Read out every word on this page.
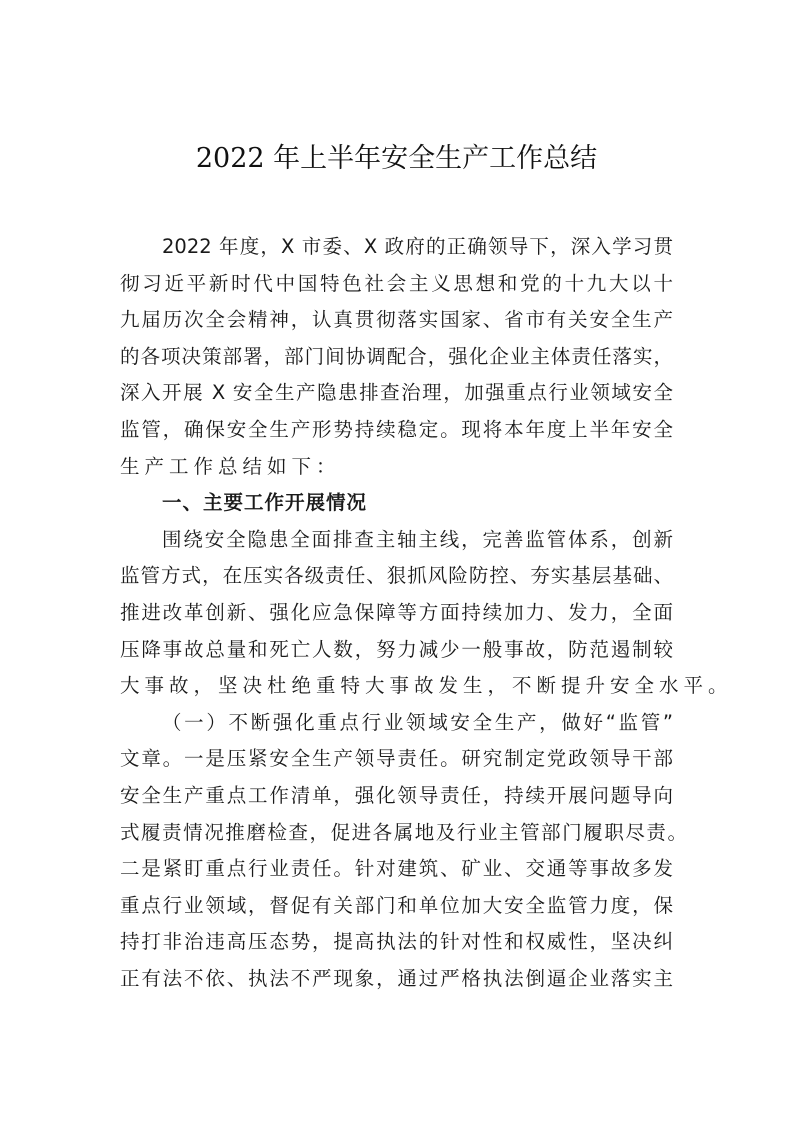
2022 年上半年安全生产工作总结
2022 年度，X 市委、X 政府的正确领导下，深入学习贯
彻习近平新时代中国特色社会主义思想和党的十九大以十
九届历次全会精神，认真贯彻落实国家、省市有关安全生产
的各项决策部署，部门间协调配合，强化企业主体责任落实，
深入开展 X 安全生产隐患排查治理，加强重点行业领域安全
监管，确保安全生产形势持续稳定。现将本年度上半年安全
生产工作总结如下：
一、主要工作开展情况
围绕安全隐患全面排查主轴主线，完善监管体系，创新
监管方式，在压实各级责任、狠抓风险防控、夯实基层基础、
推进改革创新、强化应急保障等方面持续加力、发力，全面
压降事故总量和死亡人数，努力减少一般事故，防范遏制较
大事故，坚决杜绝重特大事故发生，不断提升安全水平。
（一）不断强化重点行业领域安全生产，做好“监管”
文章。一是压紧安全生产领导责任。研究制定党政领导干部
安全生产重点工作清单，强化领导责任，持续开展问题导向
式履责情况推磨检查，促进各属地及行业主管部门履职尽责。
二是紧盯重点行业责任。针对建筑、矿业、交通等事故多发
重点行业领域，督促有关部门和单位加大安全监管力度，保
持打非治违高压态势，提高执法的针对性和权威性，坚决纠
正有法不依、执法不严现象，通过严格执法倒逼企业落实主
